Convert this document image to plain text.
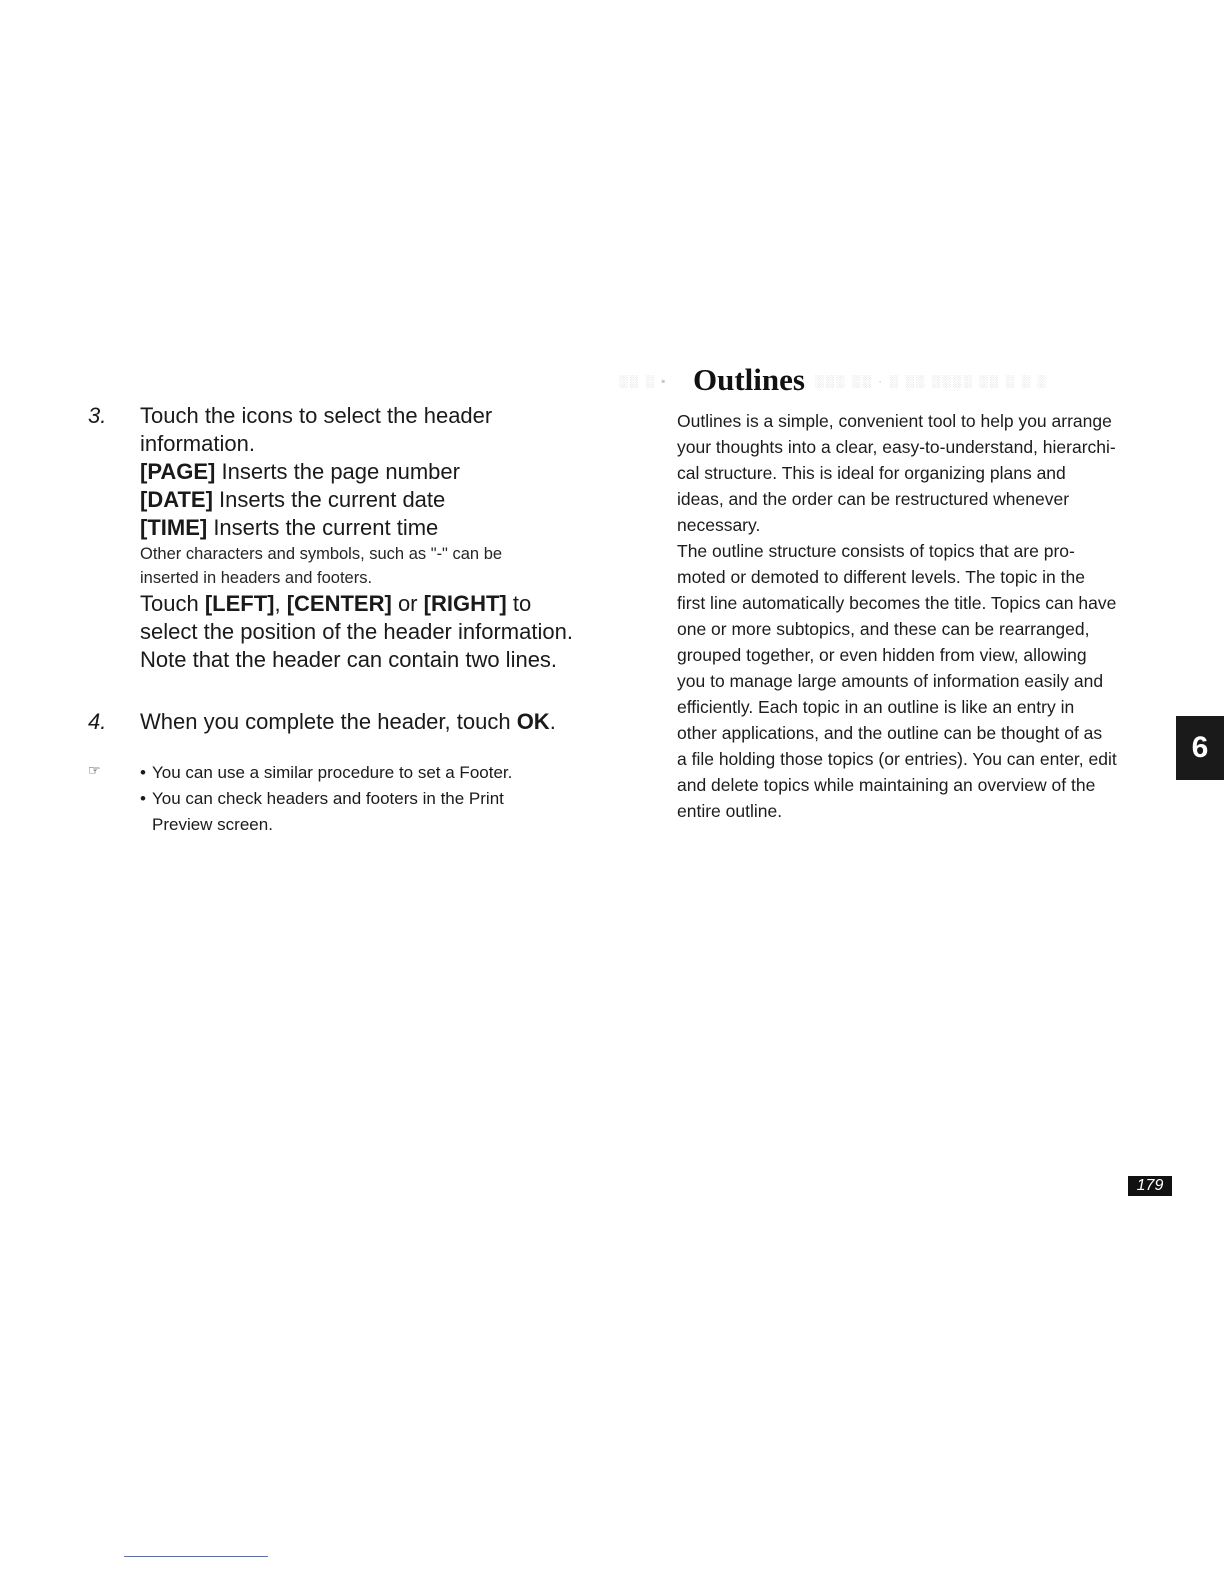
3. Touch the icons to select the header
information.
[PAGE] Inserts the page number
[DATE] Inserts the current date
[TIME] Inserts the current time
Other characters and symbols, such as "-" can be
inserted in headers and footers.
Touch [LEFT], [CENTER] or [RIGHT] to
select the position of the header information.
Note that the header can contain two lines.
4. When you complete the header, touch OK.
☞ • You can use a similar procedure to set a Footer.
• You can check headers and footers in the Print
Preview screen.
░░ ░ ▪ Outlines ░░░ ░░ · ░ ░░ ░░░░ ░░ ░ ░ ░
Outlines is a simple, convenient tool to help you arrange
your thoughts into a clear, easy-to-understand, hierarchi-
cal structure. This is ideal for organizing plans and
ideas, and the order can be restructured whenever
necessary.
The outline structure consists of topics that are pro-
moted or demoted to different levels. The topic in the
first line automatically becomes the title. Topics can have
one or more subtopics, and these can be rearranged,
grouped together, or even hidden from view, allowing
you to manage large amounts of information easily and
efficiently. Each topic in an outline is like an entry in
other applications, and the outline can be thought of as
a file holding those topics (or entries). You can enter, edit
and delete topics while maintaining an overview of the
entire outline.
6
179
